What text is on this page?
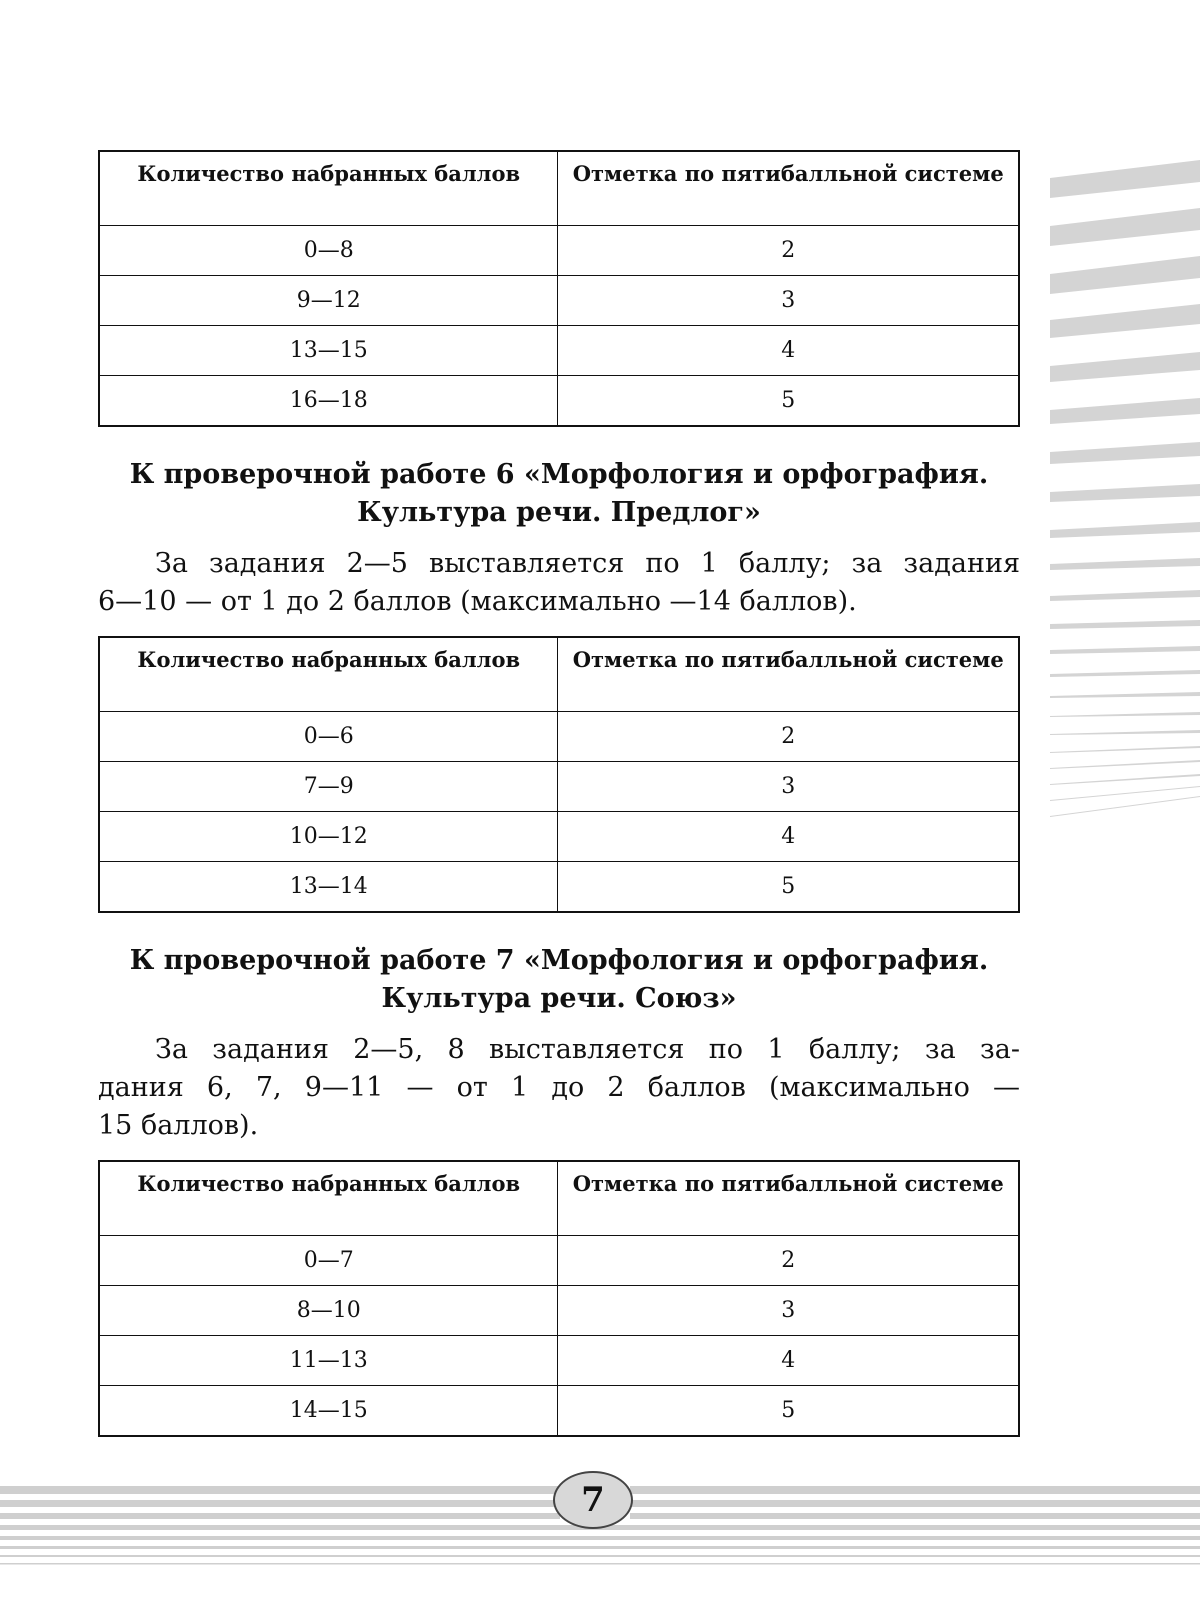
Количество набранных баллов	Отметка по пятибалльной системе
0—8	2
9—12	3
13—15	4
16—18	5
К проверочной работе 6 «Морфология и орфография.
Культура речи. Предлог»
За задания 2—5 выставляется по 1 баллу; за задания
6—10 — от 1 до 2 баллов (максимально —14 баллов).
Количество набранных баллов	Отметка по пятибалльной системе
0—6	2
7—9	3
10—12	4
13—14	5
К проверочной работе 7 «Морфология и орфография.
Культура речи. Союз»
За задания 2—5, 8 выставляется по 1 баллу; за за-
дания 6, 7, 9—11 — от 1 до 2 баллов (максимально —
15 баллов).
Количество набранных баллов	Отметка по пятибалльной системе
0—7	2
8—10	3
11—13	4
14—15	5
7
